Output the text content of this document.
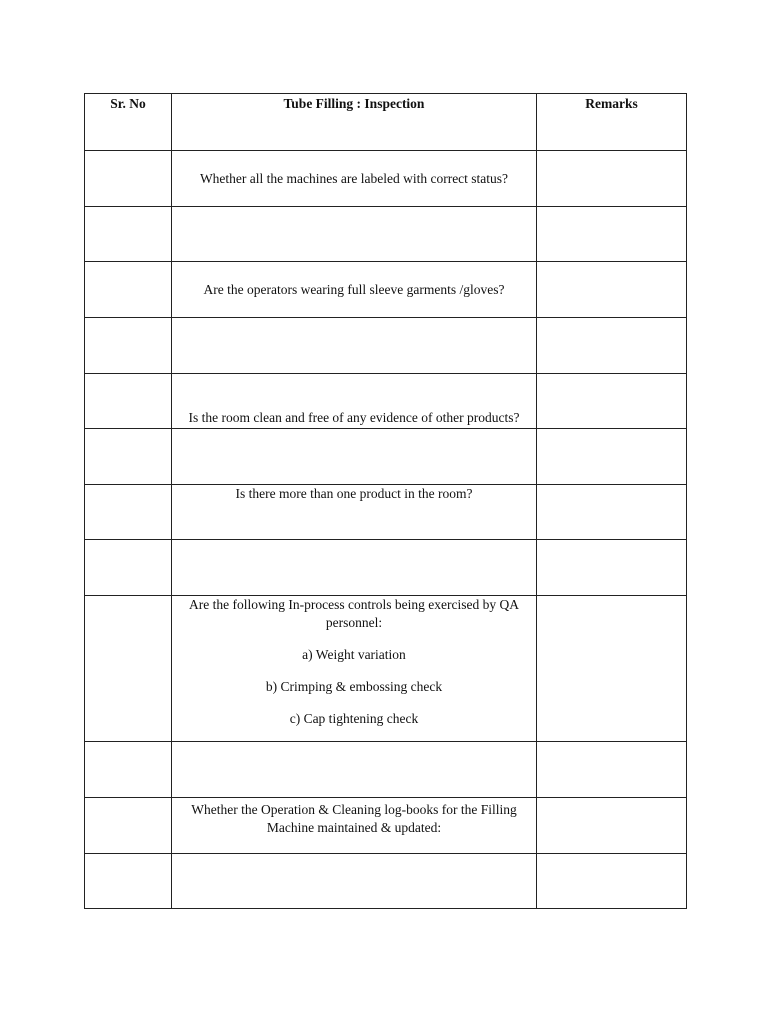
Sr. No	Tube Filling : Inspection	Remarks
	Whether all the machines are labeled with correct status?	

	Are the operators wearing full sleeve garments /gloves?	

	Is the room clean and free of any evidence of other products?	

	Is there more than one product in the room?	

	Are the following In-process controls being exercised by QA personnel:
a) Weight variation
b) Crimping & embossing check
c) Cap tightening check	

	Whether the Operation & Cleaning log-books for the Filling Machine maintained & updated:	
